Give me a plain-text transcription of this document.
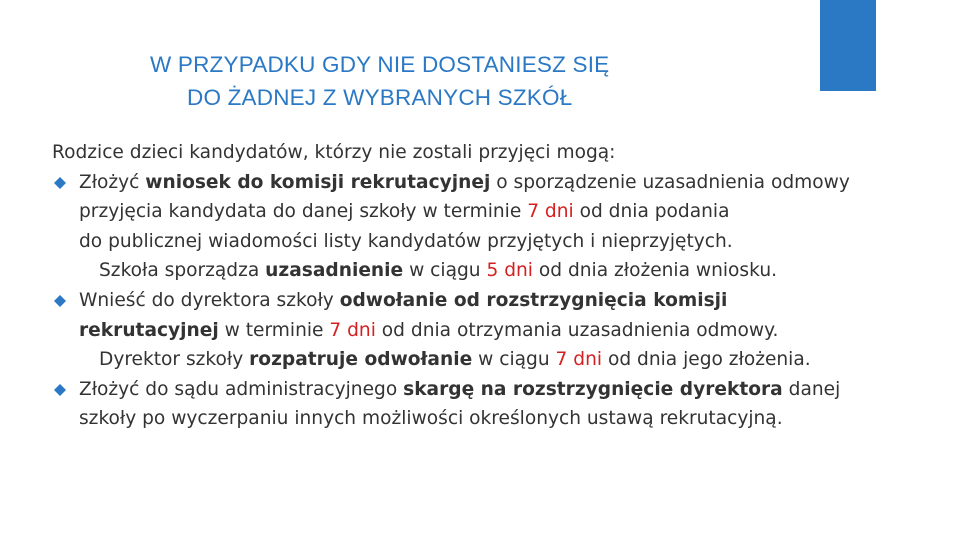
W PRZYPADKU GDY NIE DOSTANIESZ SIĘ
DO ŻADNEJ Z WYBRANYCH SZKÓŁ

Rodzice dzieci kandydatów, którzy nie zostali przyjęci mogą:

Złożyć wniosek do komisji rekrutacyjnej o sporządzenie uzasadnienia odmowy
przyjęcia kandydata do danej szkoły w terminie 7 dni od dnia podania
do publicznej wiadomości listy kandydatów przyjętych i nieprzyjętych.

Szkoła sporządza uzasadnienie w ciągu 5 dni od dnia złożenia wniosku.

Wnieść do dyrektora szkoły odwołanie od rozstrzygnięcia komisji
rekrutacyjnej w terminie 7 dni od dnia otrzymania uzasadnienia odmowy.

Dyrektor szkoły rozpatruje odwołanie w ciągu 7 dni od dnia jego złożenia.

Złożyć do sądu administracyjnego skargę na rozstrzygnięcie dyrektora danej
szkoły po wyczerpaniu innych możliwości określonych ustawą rekrutacyjną.
